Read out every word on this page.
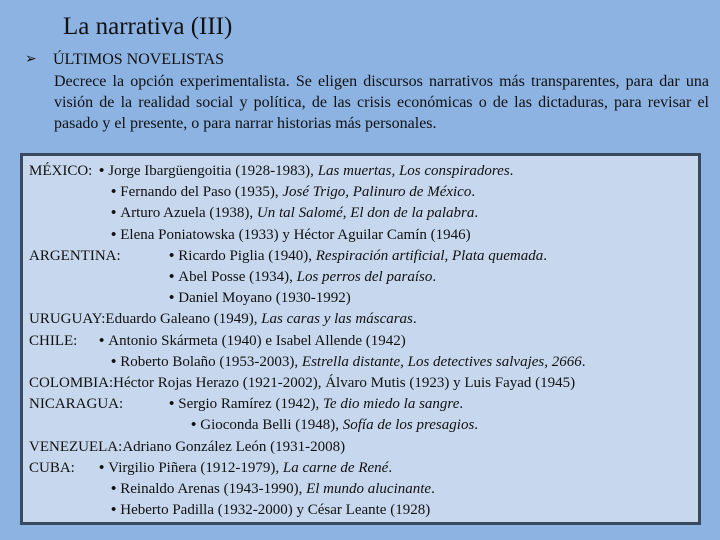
La narrativa (III)
➢ ÚLTIMOS NOVELISTAS

Decrece la opción experimentalista. Se eligen discursos narrativos más transparentes, para dar una visión de la realidad social y política, de las crisis económicas o de las dictaduras, para revisar el pasado y el presente, o para narrar historias más personales.

MÉXICO:• Jorge Ibargüengoitia (1928-1983), Las muertas, Los conspiradores.
• Fernando del Paso (1935), José Trigo, Palinuro de México.
• Arturo Azuela (1938), Un tal Salomé, El don de la palabra.
• Elena Poniatowska (1933) y Héctor Aguilar Camín (1946)
ARGENTINA:	• Ricardo Piglia (1940), Respiración artificial, Plata quemada.
• Abel Posse (1934), Los perros del paraíso.
• Daniel Moyano (1930-1992)
URUGUAY:Eduardo Galeano (1949), Las caras y las máscaras.
CHILE:• Antonio Skármeta (1940) e Isabel Allende (1942)
• Roberto Bolaño (1953-2003), Estrella distante, Los detectives salvajes, 2666.
COLOMBIA:Héctor Rojas Herazo (1921-2002), Álvaro Mutis (1923) y Luis Fayad (1945)
NICARAGUA:	• Sergio Ramírez (1942), Te dio miedo la sangre.
• Gioconda Belli (1948), Sofía de los presagios.
VENEZUELA:Adriano González León (1931-2008)
CUBA:• Virgilio Piñera (1912-1979), La carne de René.
• Reinaldo Arenas (1943-1990), El mundo alucinante.
• Heberto Padilla (1932-2000) y César Leante (1928)
